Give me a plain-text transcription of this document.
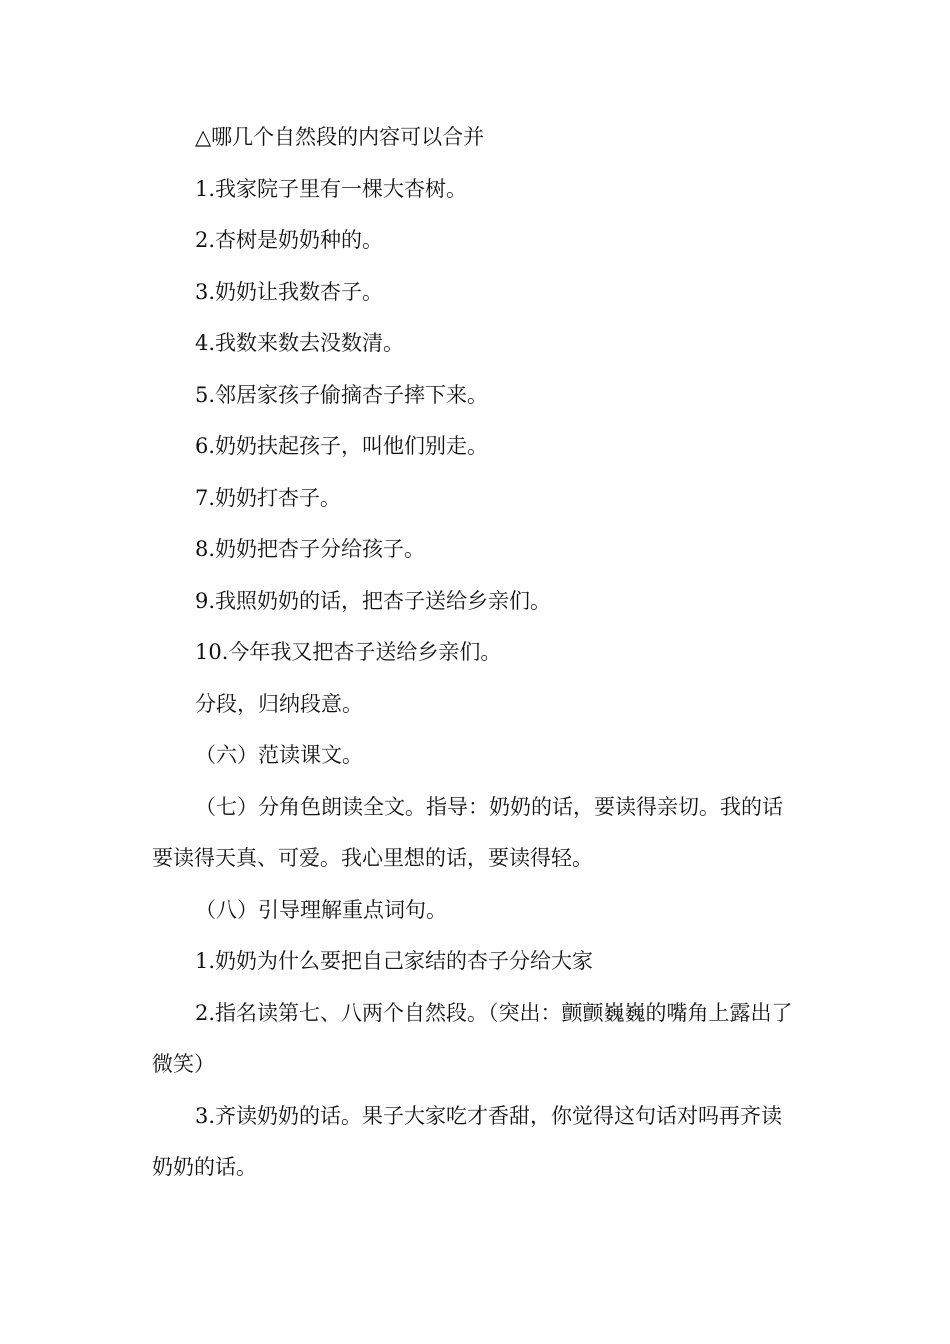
△哪几个自然段的内容可以合并

1.我家院子里有一棵大杏树。

2.杏树是奶奶种的。

3.奶奶让我数杏子。

4.我数来数去没数清。

5.邻居家孩子偷摘杏子摔下来。

6.奶奶扶起孩子，叫他们别走。

7.奶奶打杏子。

8.奶奶把杏子分给孩子。

9.我照奶奶的话，把杏子送给乡亲们。

10.今年我又把杏子送给乡亲们。

分段，归纳段意。

（六）范读课文。

（七）分角色朗读全文。指导：奶奶的话，要读得亲切。我的话要读得天真、可爱。我心里想的话，要读得轻。

（八）引导理解重点词句。

1.奶奶为什么要把自己家结的杏子分给大家

2.指名读第七、八两个自然段。（突出：颤颤巍巍的嘴角上露出了微笑）

3.齐读奶奶的话。果子大家吃才香甜，你觉得这句话对吗再齐读奶奶的话。
